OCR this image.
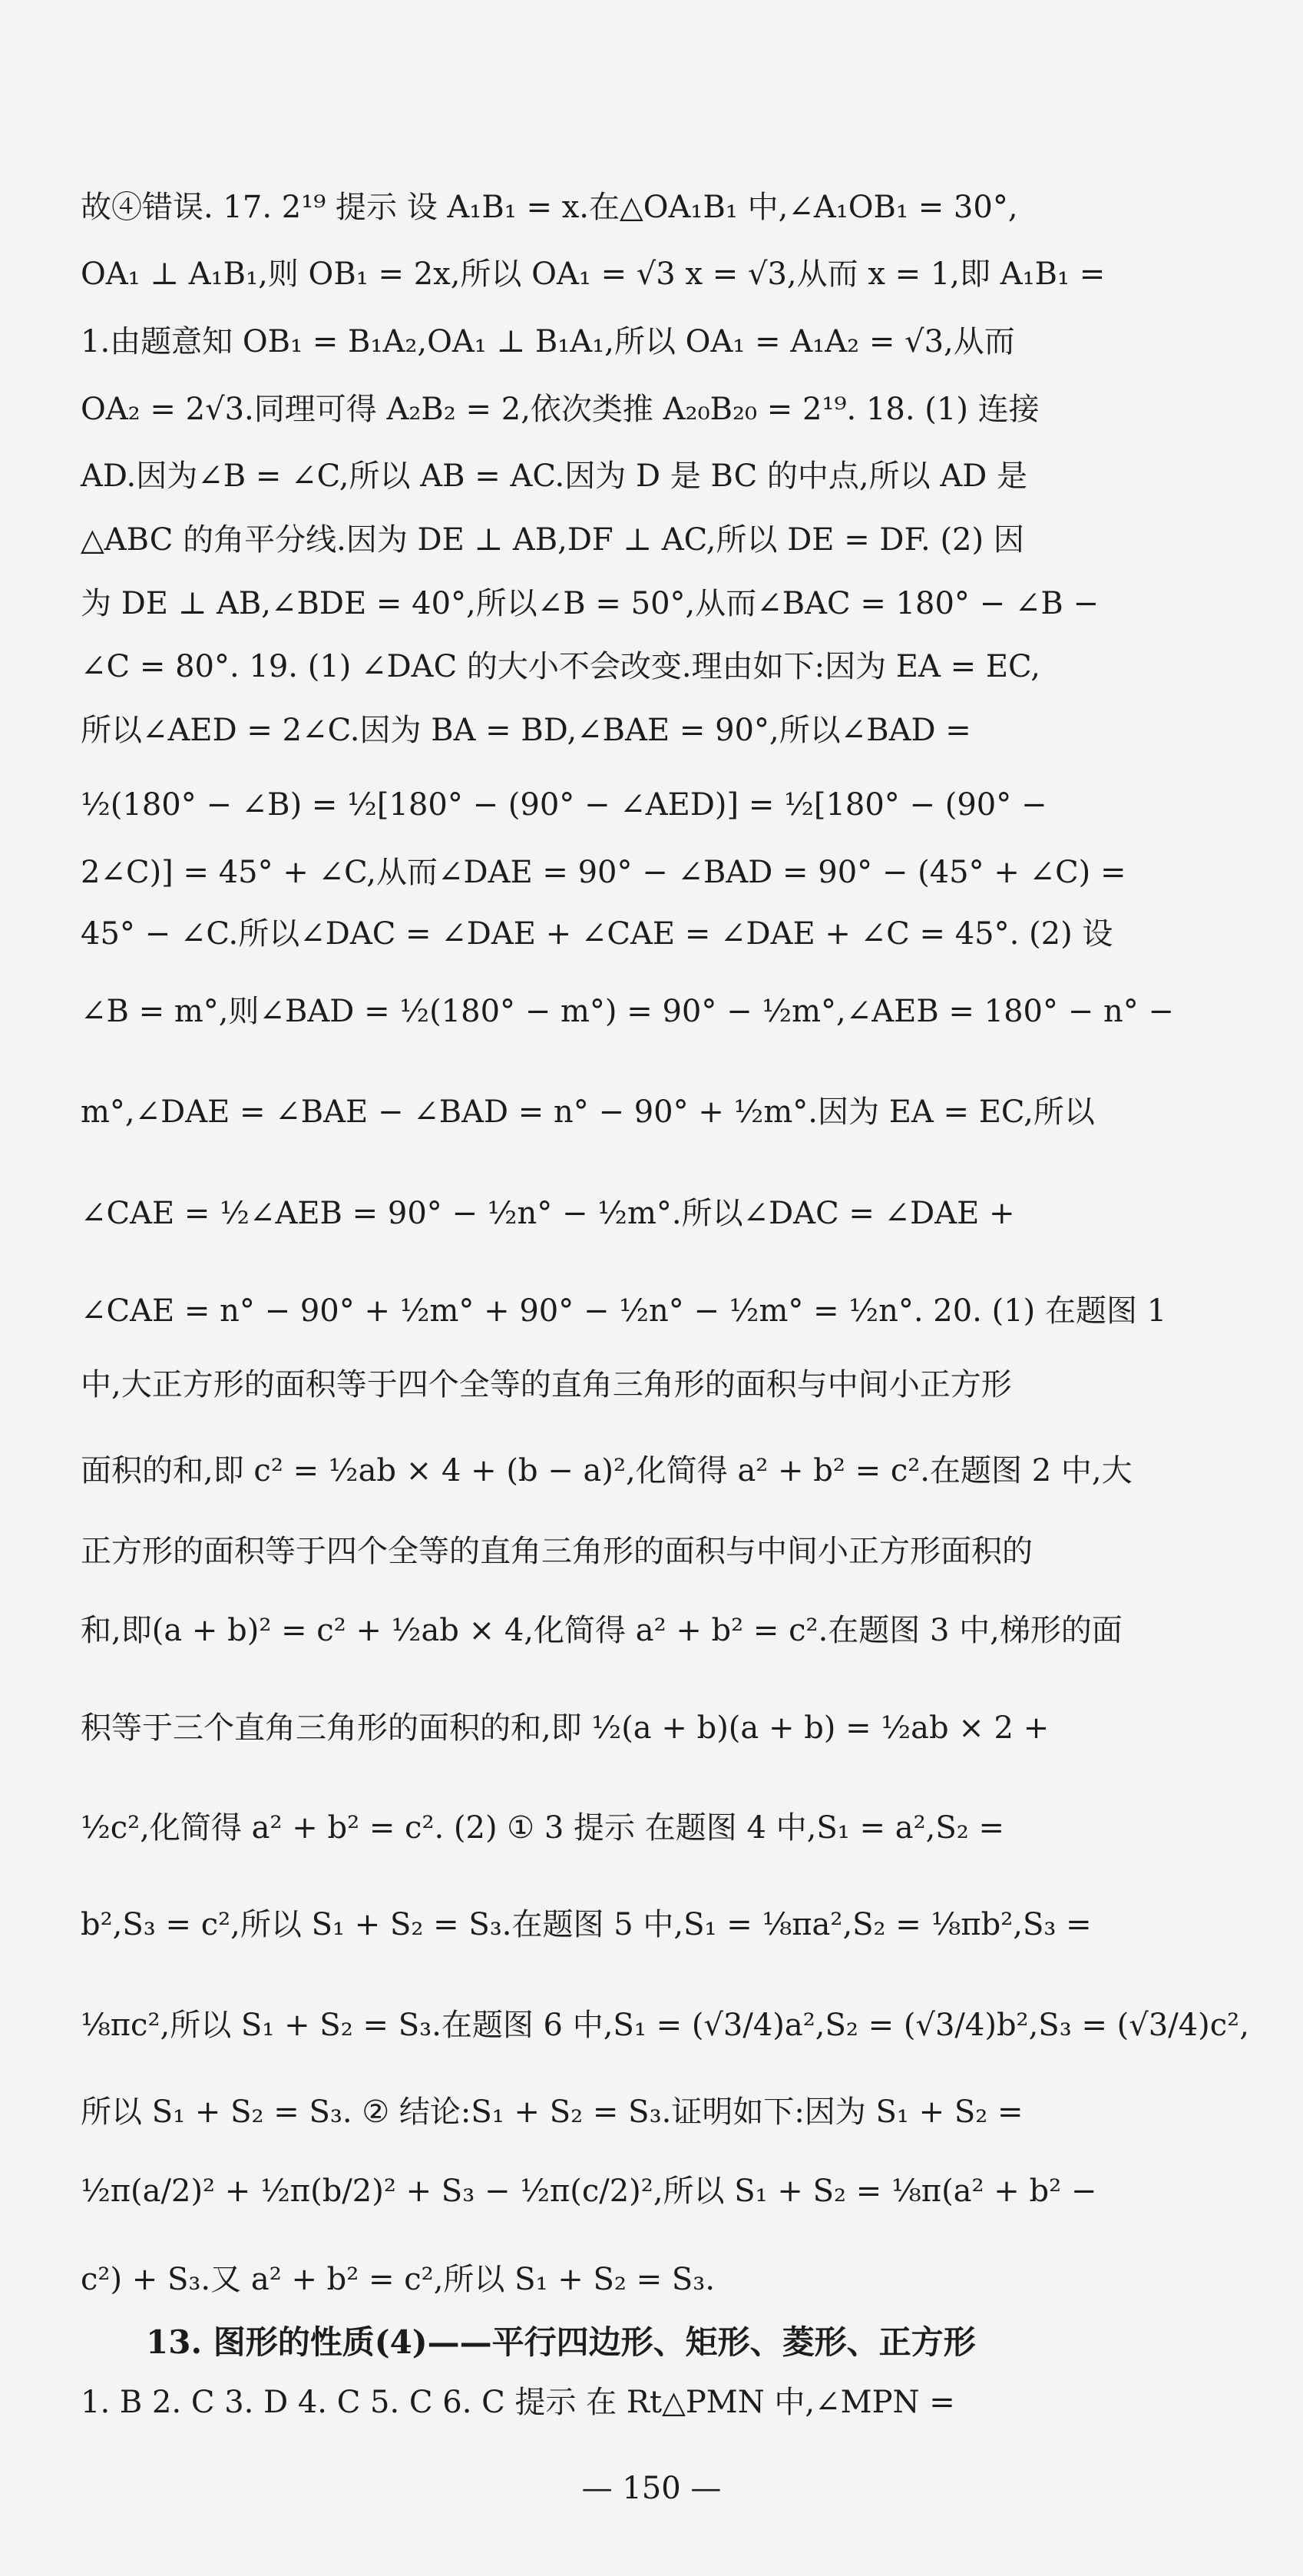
故④错误. 17. 2¹⁹ 提示 设 A₁B₁ = x.在△OA₁B₁ 中,∠A₁OB₁ = 30°,
OA₁ ⊥ A₁B₁,则 OB₁ = 2x,所以 OA₁ = √3 x = √3,从而 x = 1,即 A₁B₁ =
1.由题意知 OB₁ = B₁A₂,OA₁ ⊥ B₁A₁,所以 OA₁ = A₁A₂ = √3,从而
OA₂ = 2√3.同理可得 A₂B₂ = 2,依次类推 A₂₀B₂₀ = 2¹⁹. 18. (1) 连接
AD.因为∠B = ∠C,所以 AB = AC.因为 D 是 BC 的中点,所以 AD 是
△ABC 的角平分线.因为 DE ⊥ AB,DF ⊥ AC,所以 DE = DF. (2) 因
为 DE ⊥ AB,∠BDE = 40°,所以∠B = 50°,从而∠BAC = 180° − ∠B −
∠C = 80°. 19. (1) ∠DAC 的大小不会改变.理由如下:因为 EA = EC,
所以∠AED = 2∠C.因为 BA = BD,∠BAE = 90°,所以∠BAD =
½(180° − ∠B) = ½[180° − (90° − ∠AED)] = ½[180° − (90° −
2∠C)] = 45° + ∠C,从而∠DAE = 90° − ∠BAD = 90° − (45° + ∠C) =
45° − ∠C.所以∠DAC = ∠DAE + ∠CAE = ∠DAE + ∠C = 45°. (2) 设
∠B = m°,则∠BAD = ½(180° − m°) = 90° − ½m°,∠AEB = 180° − n° −
m°,∠DAE = ∠BAE − ∠BAD = n° − 90° + ½m°.因为 EA = EC,所以
∠CAE = ½∠AEB = 90° − ½n° − ½m°.所以∠DAC = ∠DAE +
∠CAE = n° − 90° + ½m° + 90° − ½n° − ½m° = ½n°. 20. (1) 在题图 1
中,大正方形的面积等于四个全等的直角三角形的面积与中间小正方形
面积的和,即 c² = ½ab × 4 + (b − a)²,化简得 a² + b² = c².在题图 2 中,大
正方形的面积等于四个全等的直角三角形的面积与中间小正方形面积的
和,即(a + b)² = c² + ½ab × 4,化简得 a² + b² = c².在题图 3 中,梯形的面
积等于三个直角三角形的面积的和,即 ½(a + b)(a + b) = ½ab × 2 +
½c²,化简得 a² + b² = c². (2) ① 3 提示 在题图 4 中,S₁ = a²,S₂ =
b²,S₃ = c²,所以 S₁ + S₂ = S₃.在题图 5 中,S₁ = ⅛πa²,S₂ = ⅛πb²,S₃ =
⅛πc²,所以 S₁ + S₂ = S₃.在题图 6 中,S₁ = (√3/4)a²,S₂ = (√3/4)b²,S₃ = (√3/4)c²,
所以 S₁ + S₂ = S₃. ② 结论:S₁ + S₂ = S₃.证明如下:因为 S₁ + S₂ =
½π(a/2)² + ½π(b/2)² + S₃ − ½π(c/2)²,所以 S₁ + S₂ = ⅛π(a² + b² −
c²) + S₃.又 a² + b² = c²,所以 S₁ + S₂ = S₃.
13. 图形的性质(4)——平行四边形、矩形、菱形、正方形
1. B 2. C 3. D 4. C 5. C 6. C 提示 在 Rt△PMN 中,∠MPN =
— 150 —
